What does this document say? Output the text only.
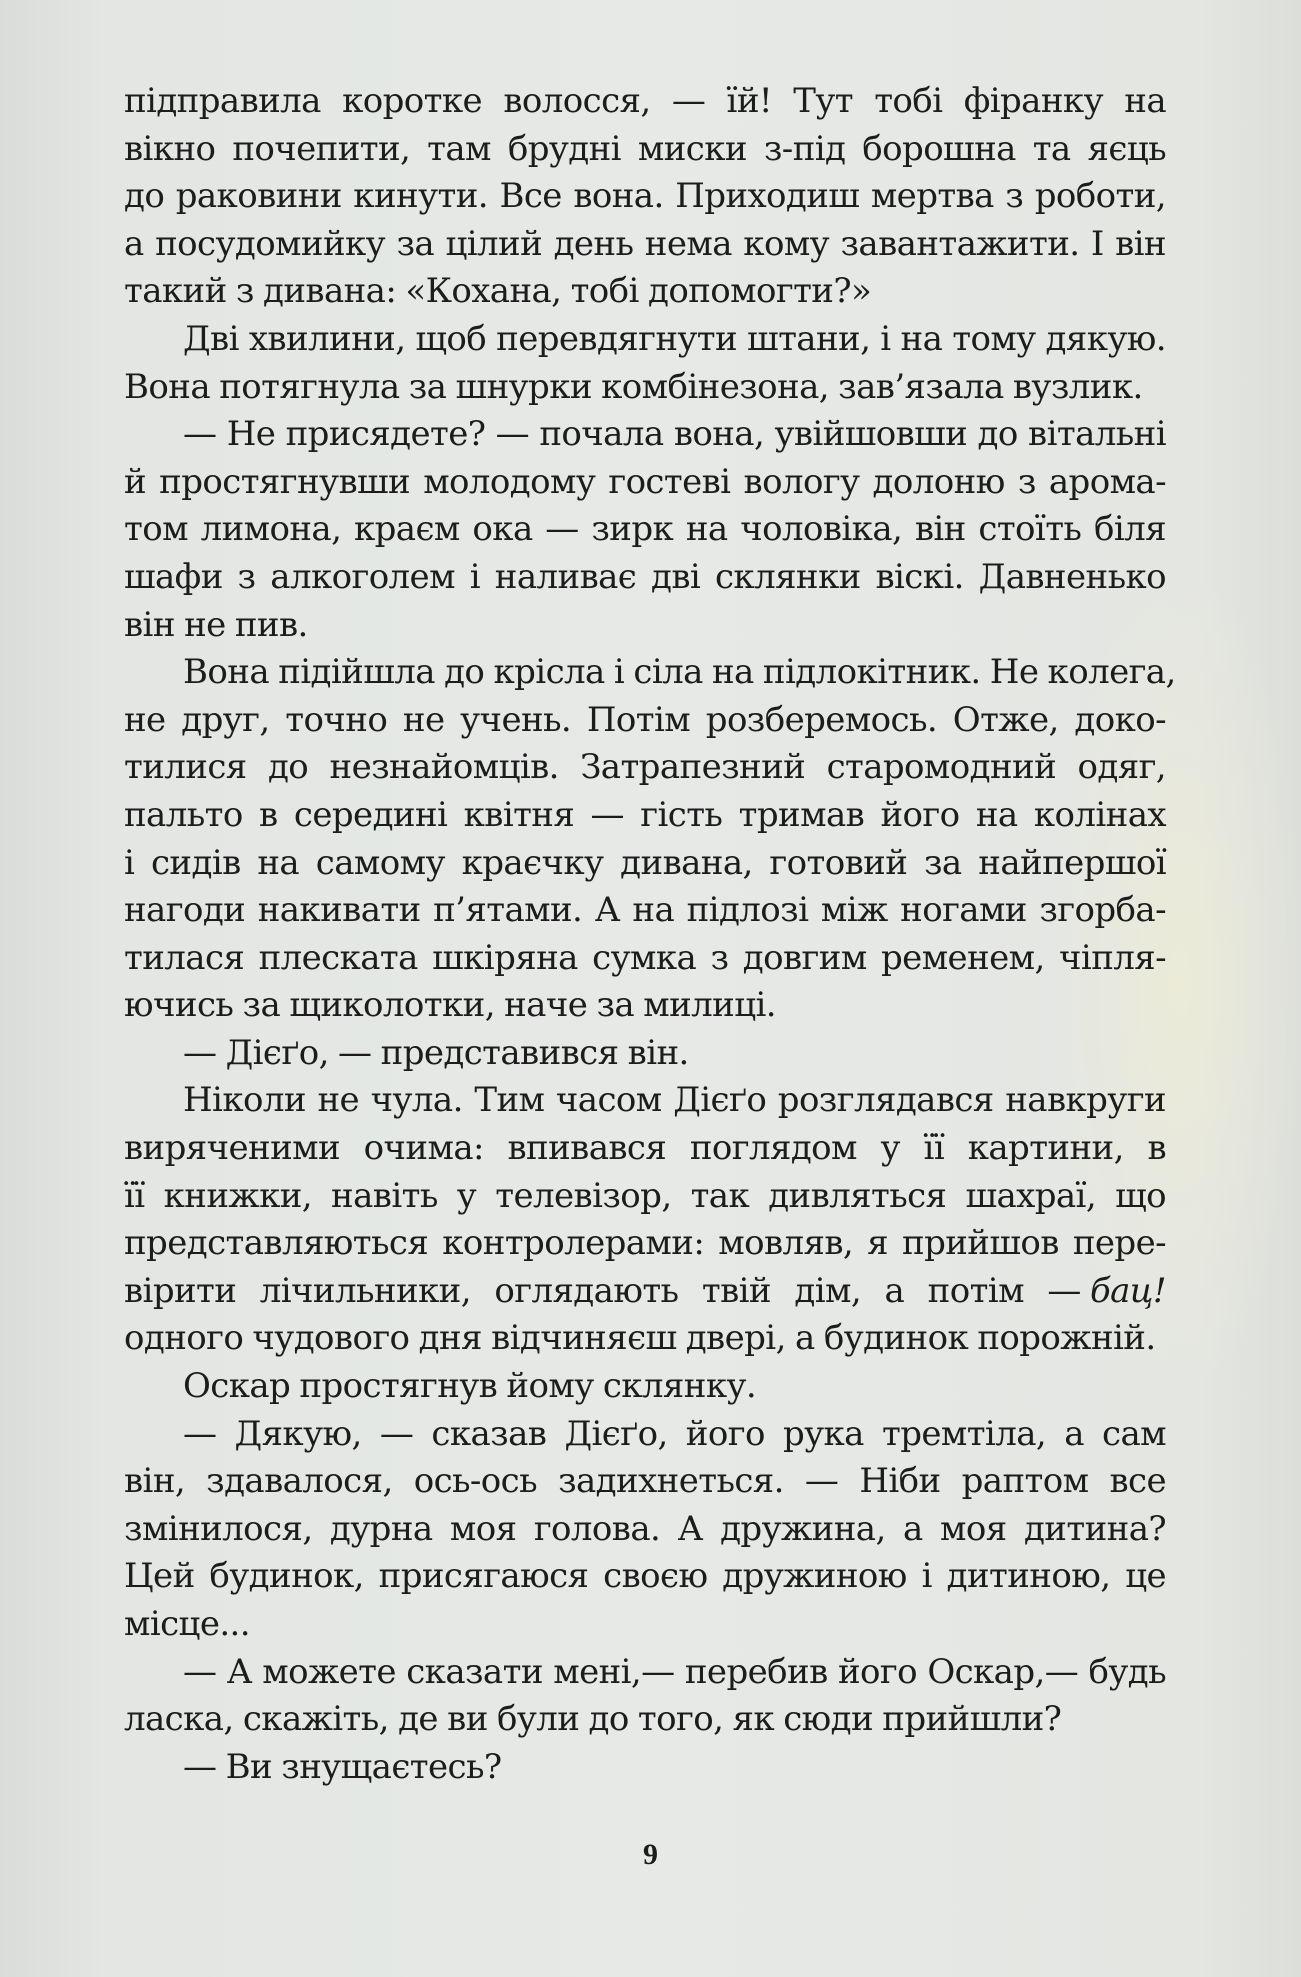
підправила коротке волосся, — їй! Тут тобі фіранку на
вікно почепити, там брудні миски з-під борошна та яєць
до раковини кинути. Все вона. Приходиш мертва з роботи,
а посудомийку за цілий день нема кому завантажити. І він
такий з дивана: «Кохана, тобі допомогти?»
Дві хвилини, щоб перевдягнути штани, і на тому дякую.
Вона потягнула за шнурки комбінезона, зав’язала вузлик.
— Не присядете? — почала вона, увійшовши до вітальні
й простягнувши молодому гостеві вологу долоню з арома-
том лимона, краєм ока — зирк на чоловіка, він стоїть біля
шафи з алкоголем і наливає дві склянки віскі. Давненько
він не пив.
Вона підійшла до крісла і сіла на підлокітник. Не колега,
не друг, точно не учень. Потім розберемось. Отже, доко-
тилися до незнайомців. Затрапезний старомодний одяг,
пальто в середині квітня — гість тримав його на колінах
і сидів на самому краєчку дивана, готовий за найпершої
нагоди накивати п’ятами. А на підлозі між ногами згорба-
тилася плескатa шкіряна сумка з довгим ременем, чіпля-
ючись за щиколотки, наче за милиці.
— Дієґо, — представився він.
Ніколи не чула. Тим часом Дієґо розглядався навкруги
виряченими очима: впивався поглядом у її картини, в
її книжки, навіть у телевізор, так дивляться шахраї, що
представляються контролерами: мовляв, я прийшов пере-
вірити лічильники, оглядають твій дім, а потім — бац!
одного чудового дня відчиняєш двері, а будинок порожній.
Оскар простягнув йому склянку.
— Дякую, — сказав Дієґо, його рука тремтіла, а сам
він, здавалося, ось-ось задихнеться. — Ніби раптом все
змінилося, дурна моя голова. А дружина, а моя дитина?
Цей будинок, присягаюся своєю дружиною і дитиною, це
місце...
— А можете сказати мені,— перебив його Оскар,— будь
ласка, скажіть, де ви були до того, як сюди прийшли?
— Ви знущаєтесь?
9
